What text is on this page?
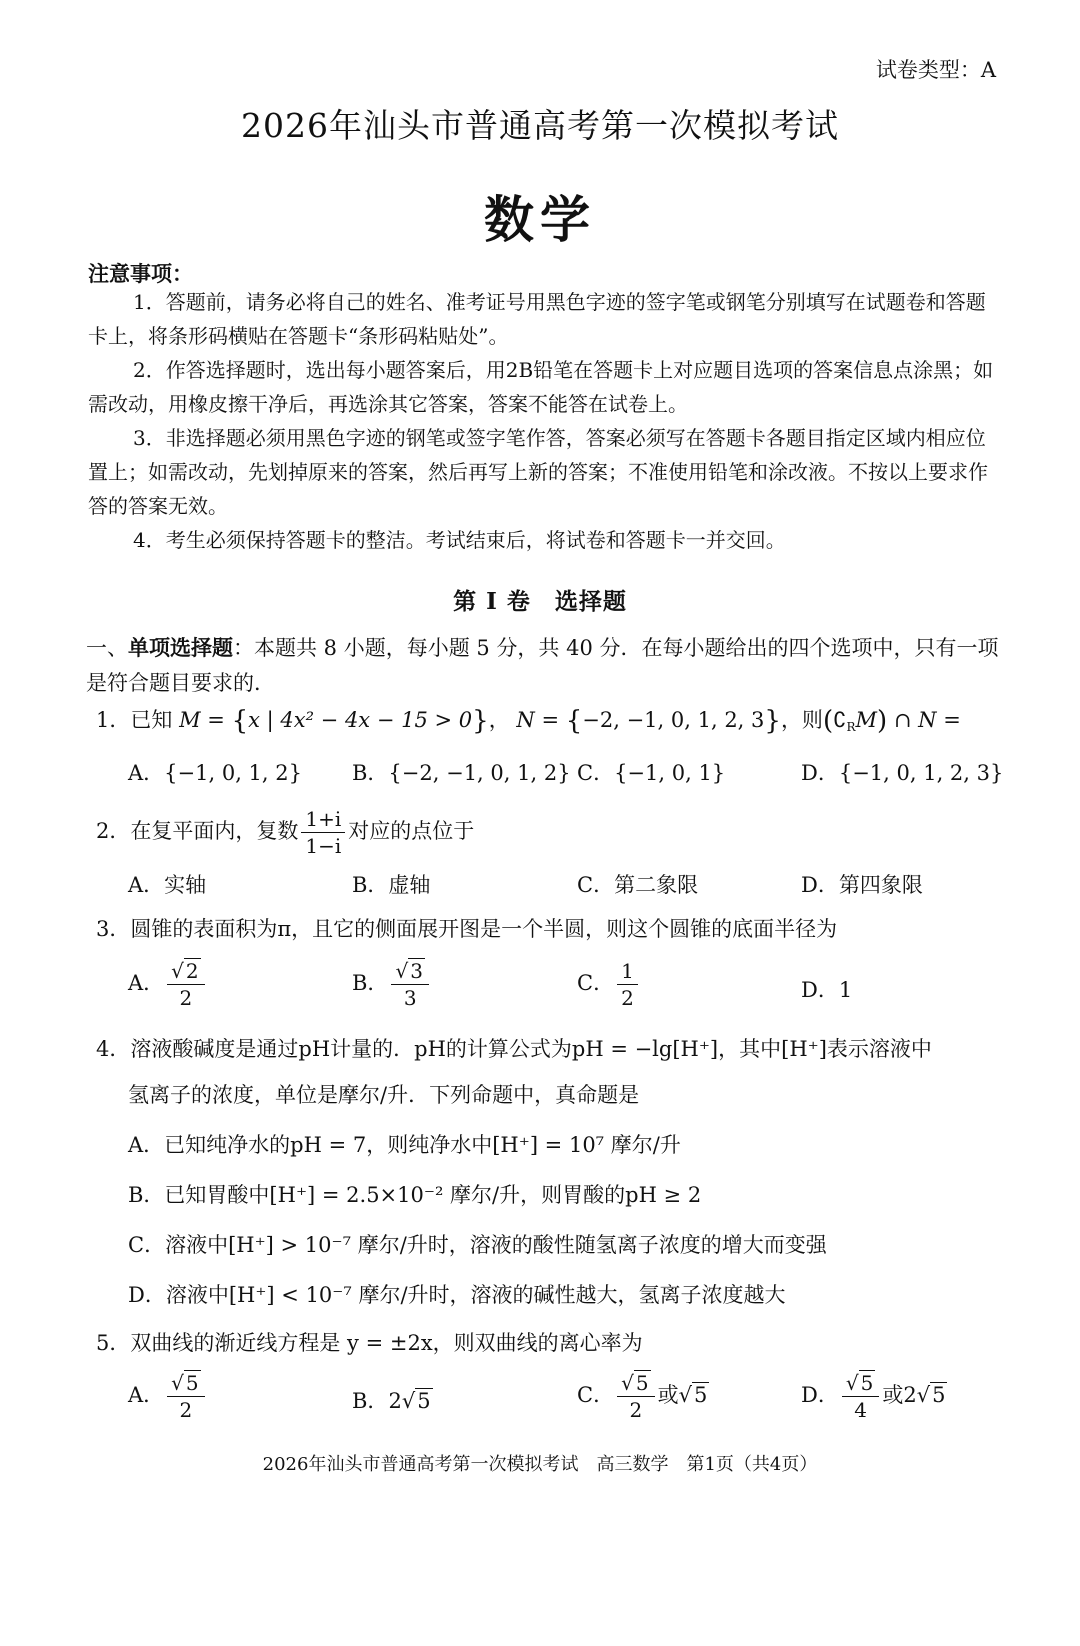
试卷类型：A
2026年汕头市普通高考第一次模拟考试
数学
注意事项：
1．答题前，请务必将自己的姓名、准考证号用黑色字迹的签字笔或钢笔分别填写在试题卷和答题卡上，将条形码横贴在答题卡“条形码粘贴处”。
2．作答选择题时，选出每小题答案后，用2B铅笔在答题卡上对应题目选项的答案信息点涂黑；如需改动，用橡皮擦干净后，再选涂其它答案，答案不能答在试卷上。
3．非选择题必须用黑色字迹的钢笔或签字笔作答，答案必须写在答题卡各题目指定区域内相应位置上；如需改动，先划掉原来的答案，然后再写上新的答案；不准使用铅笔和涂改液。不按以上要求作答的答案无效。
4．考生必须保持答题卡的整洁。考试结束后，将试卷和答题卡一并交回。
第 I 卷　选择题
一、单项选择题：本题共 8 小题，每小题 5 分，共 40 分．在每小题给出的四个选项中，只有一项是符合题目要求的．
1．已知 M = {x | 4x² − 4x − 15 > 0}， N = {−2, −1, 0, 1, 2, 3}，则$(∁_RM)$ ∩ N =
A．{−1, 0, 1, 2} B．{−2, −1, 0, 1, 2} C．{−1, 0, 1}	D．{−1, 0, 1, 2, 3}
2．在复平面内，复数 $\frac{1+i}{1-i}$ 对应的点位于
A．实轴	B．虚轴	C．第二象限	D．第四象限
3．圆锥的表面积为π，且它的侧面展开图是一个半圆，则这个圆锥的底面半径为
A． $\frac{√ 2}{2}$	B． $\frac{√ 3}{3}$	C． $\frac{1}{2}$	D．1
4．溶液酸碱度是通过pH计量的．pH的计算公式为pH = −lg[H⁺]，其中[H⁺]表示溶液中
氢离子的浓度，单位是摩尔/升．下列命题中，真命题是
A．已知纯净水的pH = 7，则纯净水中[H⁺] = 10⁷ 摩尔/升
B．已知胃酸中[H⁺] = 2.5×10⁻² 摩尔/升，则胃酸的pH ≥ 2
C．溶液中[H⁺] > 10⁻⁷ 摩尔/升时，溶液的酸性随氢离子浓度的增大而变强
D．溶液中[H⁺] < 10⁻⁷ 摩尔/升时，溶液的碱性越大，氢离子浓度越大
5．双曲线的渐近线方程是 y = ±2x，则双曲线的离心率为
A． $\frac{√ 5}{2}$	B．2√5	C． $\frac{√ 5}{2}$ 或√5	D． $\frac{√ 5}{4}$ 或2√5
2026年汕头市普通高考第一次模拟考试　高三数学　第1页（共4页）
